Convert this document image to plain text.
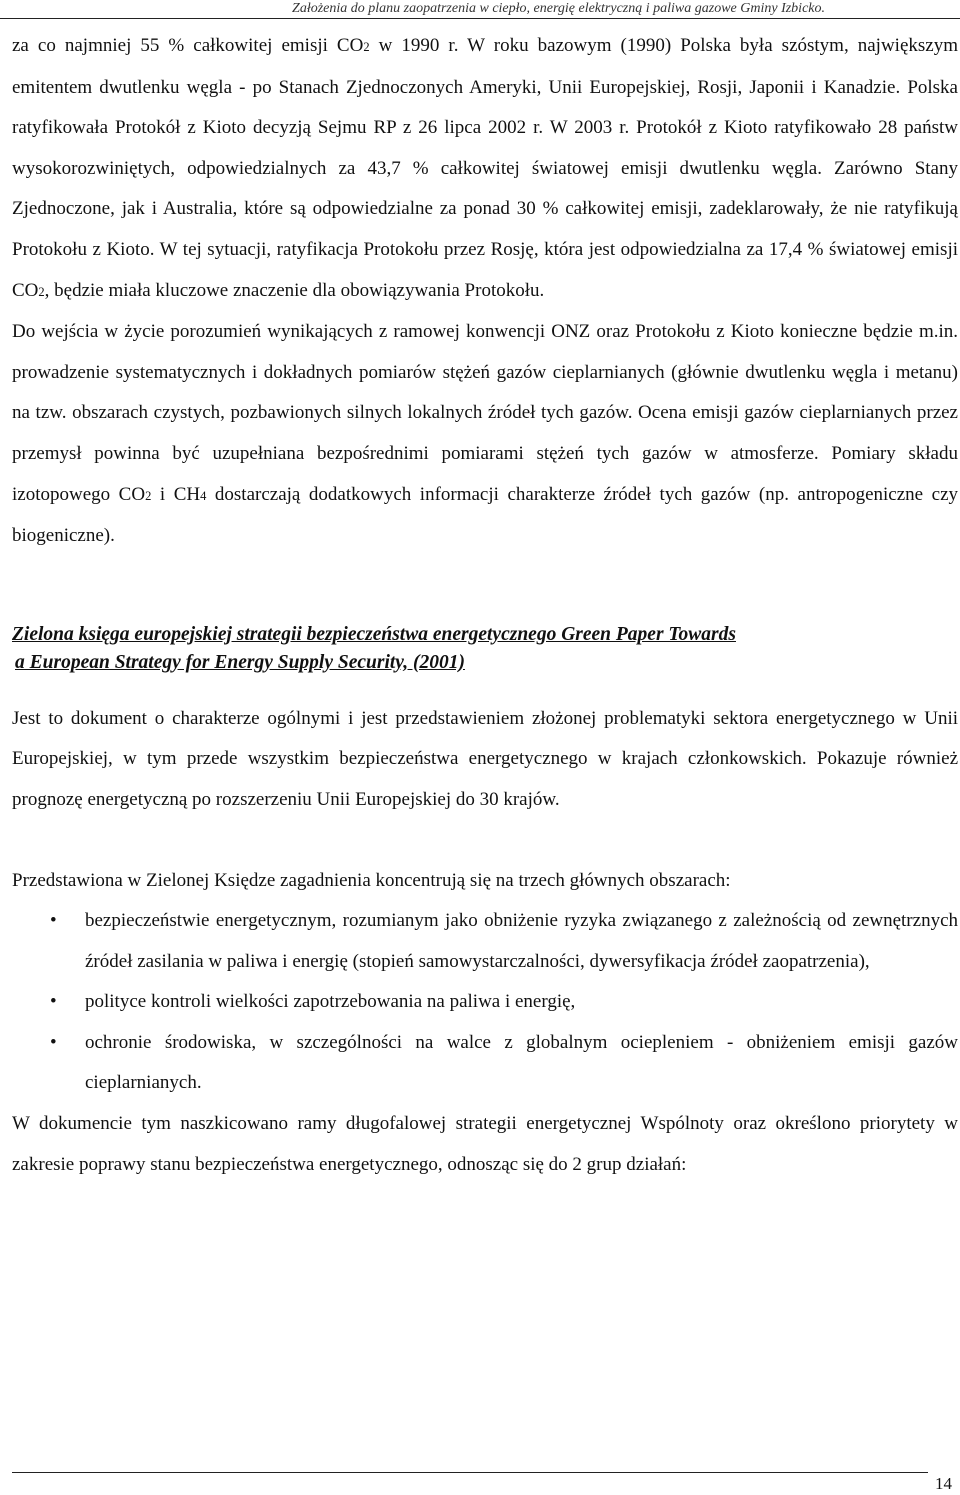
Założenia do planu zaopatrzenia w ciepło, energię elektryczną i paliwa gazowe Gminy Izbicko.

za co najmniej 55 % całkowitej emisji CO2 w 1990 r. W roku bazowym (1990) Polska była szóstym, największym emitentem dwutlenku węgla - po Stanach Zjednoczonych Ameryki, Unii Europejskiej, Rosji, Japonii i Kanadzie. Polska ratyfikowała Protokół z Kioto decyzją Sejmu RP z 26 lipca 2002 r. W 2003 r. Protokół z Kioto ratyfikowało 28 państw wysokorozwiniętych, odpowiedzialnych za 43,7 % całkowitej światowej emisji dwutlenku węgla. Zarówno Stany Zjednoczone, jak i Australia, które są odpowiedzialne za ponad 30 % całkowitej emisji, zadeklarowały, że nie ratyfikują Protokołu z Kioto. W tej sytuacji, ratyfikacja Protokołu przez Rosję, która jest odpowiedzialna za 17,4 % światowej emisji CO2, będzie miała kluczowe znaczenie dla obowiązywania Protokołu.

Do wejścia w życie porozumień wynikających z ramowej konwencji ONZ oraz Protokołu z Kioto konieczne będzie m.in. prowadzenie systematycznych i dokładnych pomiarów stężeń gazów cieplarnianych (głównie dwutlenku węgla i metanu) na tzw. obszarach czystych, pozbawionych silnych lokalnych źródeł tych gazów. Ocena emisji gazów cieplarnianych przez przemysł powinna być uzupełniana bezpośrednimi pomiarami stężeń tych gazów w atmosferze. Pomiary składu izotopowego CO2 i CH4 dostarczają dodatkowych informacji charakterze źródeł tych gazów (np. antropogeniczne czy biogeniczne).

Zielona księga europejskiej strategii bezpieczeństwa energetycznego Green Paper Towards
a European Strategy for Energy Supply Security, (2001)

Jest to dokument o charakterze ogólnymi i jest przedstawieniem złożonej problematyki sektora energetycznego w Unii Europejskiej, w tym przede wszystkim bezpieczeństwa energetycznego w krajach członkowskich. Pokazuje również prognozę energetyczną po rozszerzeniu Unii Europejskiej do 30 krajów.

Przedstawiona w Zielonej Księdze zagadnienia koncentrują się na trzech głównych obszarach:

• bezpieczeństwie energetycznym, rozumianym jako obniżenie ryzyka związanego z zależnością od zewnętrznych źródeł zasilania w paliwa i energię (stopień samowystarczalności, dywersyfikacja źródeł zaopatrzenia),
• polityce kontroli wielkości zapotrzebowania na paliwa i energię,
• ochronie środowiska, w szczególności na walce z globalnym ociepleniem - obniżeniem emisji gazów cieplarnianych.

W dokumencie tym naszkicowano ramy długofalowej strategii energetycznej Wspólnoty oraz określono priorytety w zakresie poprawy stanu bezpieczeństwa energetycznego, odnosząc się do 2 grup działań:

14
